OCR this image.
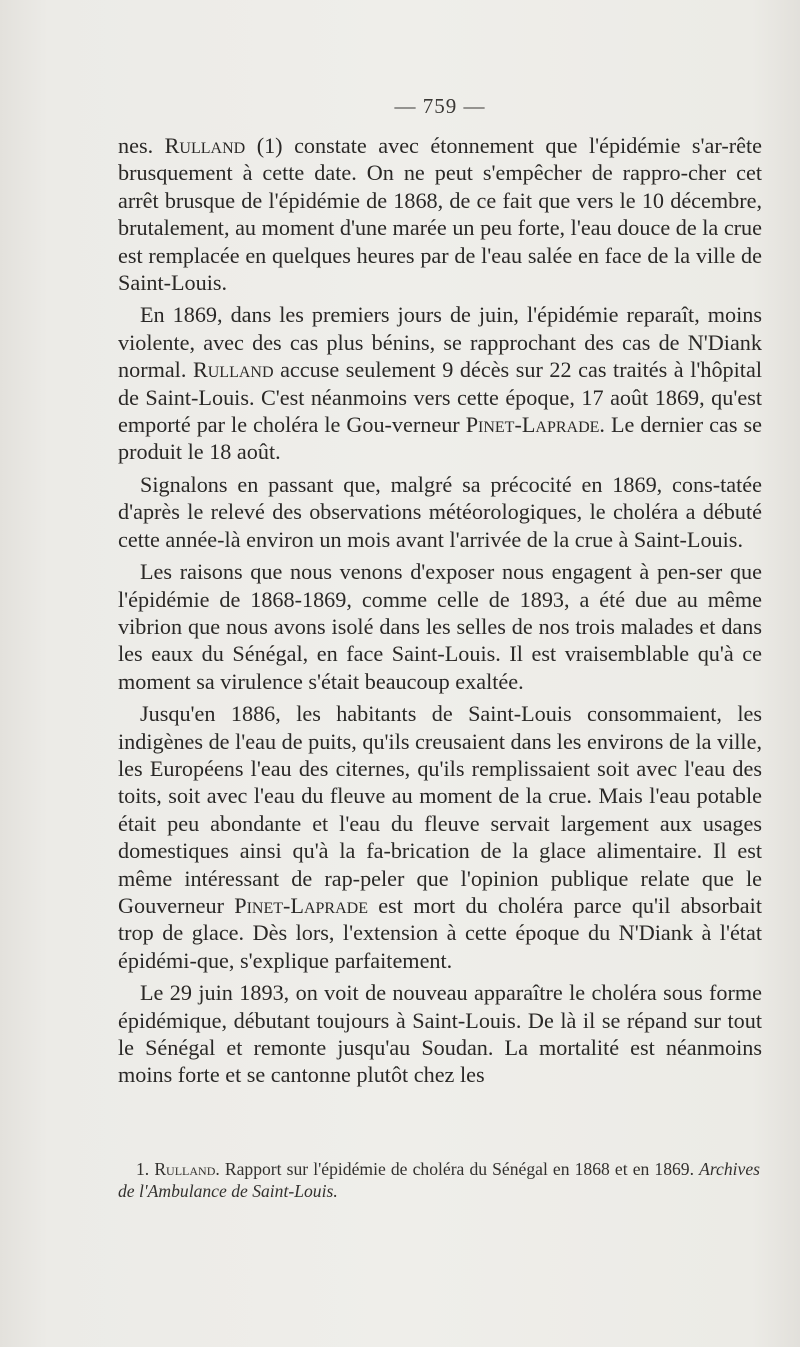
— 759 —

nes. Rulland (1) constate avec étonnement que l'épidémie s'ar-rête brusquement à cette date. On ne peut s'empêcher de rappro-cher cet arrêt brusque de l'épidémie de 1868, de ce fait que vers le 10 décembre, brutalement, au moment d'une marée un peu forte, l'eau douce de la crue est remplacée en quelques heures par de l'eau salée en face de la ville de Saint-Louis.

En 1869, dans les premiers jours de juin, l'épidémie reparaît, moins violente, avec des cas plus bénins, se rapprochant des cas de N'Diank normal. Rulland accuse seulement 9 décès sur 22 cas traités à l'hôpital de Saint-Louis. C'est néanmoins vers cette époque, 17 août 1869, qu'est emporté par le choléra le Gou-verneur Pinet-Laprade. Le dernier cas se produit le 18 août.

Signalons en passant que, malgré sa précocité en 1869, cons-tatée d'après le relevé des observations météorologiques, le choléra a débuté cette année-là environ un mois avant l'arrivée de la crue à Saint-Louis.

Les raisons que nous venons d'exposer nous engagent à pen-ser que l'épidémie de 1868-1869, comme celle de 1893, a été due au même vibrion que nous avons isolé dans les selles de nos trois malades et dans les eaux du Sénégal, en face Saint-Louis. Il est vraisemblable qu'à ce moment sa virulence s'était beaucoup exaltée.

Jusqu'en 1886, les habitants de Saint-Louis consommaient, les indigènes de l'eau de puits, qu'ils creusaient dans les environs de la ville, les Européens l'eau des citernes, qu'ils remplissaient soit avec l'eau des toits, soit avec l'eau du fleuve au moment de la crue. Mais l'eau potable était peu abondante et l'eau du fleuve servait largement aux usages domestiques ainsi qu'à la fa-brication de la glace alimentaire. Il est même intéressant de rap-peler que l'opinion publique relate que le Gouverneur Pinet-Laprade est mort du choléra parce qu'il absorbait trop de glace. Dès lors, l'extension à cette époque du N'Diank à l'état épidémi-que, s'explique parfaitement.

Le 29 juin 1893, on voit de nouveau apparaître le choléra sous forme épidémique, débutant toujours à Saint-Louis. De là il se répand sur tout le Sénégal et remonte jusqu'au Soudan. La mortalité est néanmoins moins forte et se cantonne plutôt chez les

1. Rulland. Rapport sur l'épidémie de choléra du Sénégal en 1868 et en 1869. Archives de l'Ambulance de Saint-Louis.
